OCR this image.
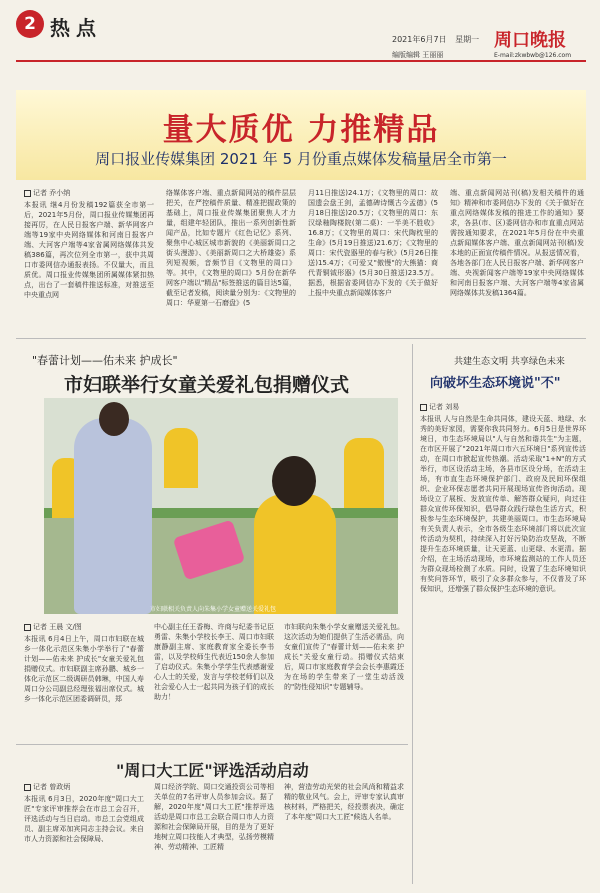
2 热点	2021年6月7日 星期一
编版编辑 王丽丽
周口晚报
E-mail:zkwbwb@126.com
量大质优 力推精品
周口报业传媒集团 2021 年 5 月份重点媒体发稿量居全市第一
记者 乔小纳
本报讯 继4月份发稿192篇获全市第一后，2021年5月份，周口报业传媒集团再接再厉，在人民日报客户端、新华网客户端等19家中央网络媒体和河南日报客户端、大河客户端等4家省属网络媒体共发稿386篇，再次位列全市第一，获中共周口市委网信办通报表扬。不仅量大，而且质优。周口报业传媒集团所属媒体紧扣热点，出台了一套稿件推送标准，对推送至中央重点网
络媒体客户端、重点新闻网站的稿件层层把关，在严控稿件质量、精准把握政策的基础上，周口报业传媒集团聚焦人才力量，组建年轻团队，推出一系列创新性新闻产品，比如专题片《红色记忆》系列、聚焦中心城区城市新貌的《美丽新周口之街头漫游》、《美丽新周口之大桥雄姿》系列短视频，音频节目《文物里的周口》等。其中，《文物里的周口》5月份在新华网客户端以"精品"标签推送的篇目达5篇，截至记者发稿，阅读量分别为：《文物里的周口：华夏第一石磨盘》(5
月11日推送)24.1万；《文物里的周口：故国遗会盘王剑，孟德碑诗慨古今孟德》(5月18日推送)20.5万；《文物里的周口：东汉绿釉陶楼院(第二桌)：一半美不胜收》16.8万；《文物里的周口：宋代陶枕里的生命》(5月19日推送)21.6万；《文物里的周口：宋代瓷器里的春与秋》(5月26日推送)15.4万；《可爱又"傲慢"的大熊猫：商代青铜钺形器》(5月30日推送)23.5万。据悉，根据省委网信办下发的《关于做好上报中央重点新闻媒体客户
端、重点新闻网站刊(稿)发相关稿件的通知》精神和市委网信办下发的《关于做好在重点网络媒体发稿的推进工作的通知》要求，各县(市、区)委网信办和市直重点网站需按通知要求，在2021年5月份在中央重点新闻媒体客户端、重点新闻网站刊(稿)发本地的正面宣传稿件情况。从报送情况看，各地各部门在人民日报客户端、新华网客户端、央视新闻客户端等19家中央网络媒体和河南日报客户端、大河客户端等4家省属网络媒体共发稿1364篇。
"春蕾计划——佑未来 护成长"
市妇联举行女童关爱礼包捐赠仪式
市妇联相关负责人向朱集小学女童赠送关爱礼包
记者 王晨 文/图
本报讯 6月4日上午，周口市妇联在城乡一体化示范区朱集小学举行了"春蕾计划——佑未来 护成长"女童关爱礼包捐赠仪式。市妇联副主席孙鹏、城乡一体化示范区二级调研员韩琳，中国人寿周口分公司副总经理张福出席仪式。城乡一体化示范区团委调研员，郑
中心副主任王香梅、许商与纪委书记臣勇雷、朱集小学校长李王、周口市妇联康静副主席、家庭教育家全委长李书雷，以及学校师生代表近150余人参加了启动仪式。朱集小学学生代表感谢爱心人士的关爱，发言与学校老师们以及社会爱心人士一起共同为孩子们的成长助力！
市妇联向朱集小学女童赠送关爱礼包。这次活动为她们提供了生活必需品，向女童们宣传了"春蕾计划——佑未来 护成长"关爱女童行动。捐赠仪式结束后，周口市家庭教育学会会长李惠霞还为在场的学生带来了一堂生动活泼的"防性侵知识"专题辅导。
"周口大工匠"评选活动启动
记者 曾政炳
本报讯 6月3日，2020年度"周口大工匠"专家评审推荐会在市总工会召开，评选活动与当日启动。市总工会党组成员、副主席邓加宾同志主持会议。来自市人力资源和社会保障局、
周口经济学院、周口交通投资公司等相关单位的7名评审人员参加会议。据了解，2020年度"周口大工匠"推荐评选活动是周口市总工会联合周口市人力资源和社会保障局开展，目的是为了更好地树立周口技能人才典型，弘扬劳模精神、劳动精神、工匠精
神，营造劳动光荣的社会风尚和精益求精的敬业风气。会上，评审专家认真审核材料，严格把关，经投票表决，确定了本年度"周口大工匠"候选人名单。
共建生态文明 共享绿色未来
向破坏生态环境说"不"
记者 刘易
本报讯 人与自然是生命共同体，建设天蓝、地绿、水秀的美好家园，需要你我共同努力。6月5日是世界环境日，市生态环境局以"人与自然和谐共生"为主题，在市区开展了"2021年周口市六五环境日"系列宣传活动，在周口市掀起宣传热潮。活动采取"1+N"的方式举行，市区设活动主场，各县市区设分场，在活动主场，有市直生态环境保护部门、政府及民间环保组织、企业环保志愿者共同开展现场宣传咨询活动。现场设立了展板、发放宣传单、解答群众疑问，向过往群众宣传环保知识，倡导群众践行绿色生活方式，积极参与生态环境保护，共建美丽周口。市生态环境局有关负责人表示，全市各级生态环境部门将以此次宣传活动为契机，持续深入打好污染防治攻坚战，不断提升生态环境质量，让天更蓝、山更绿、水更清。据介绍，在主场活动现场，市环境监测站的工作人员还为群众现场检测了水质。同时，设置了生态环境知识有奖问答环节，吸引了众多群众参与，不仅普及了环保知识，还增强了群众保护生态环境的意识。
